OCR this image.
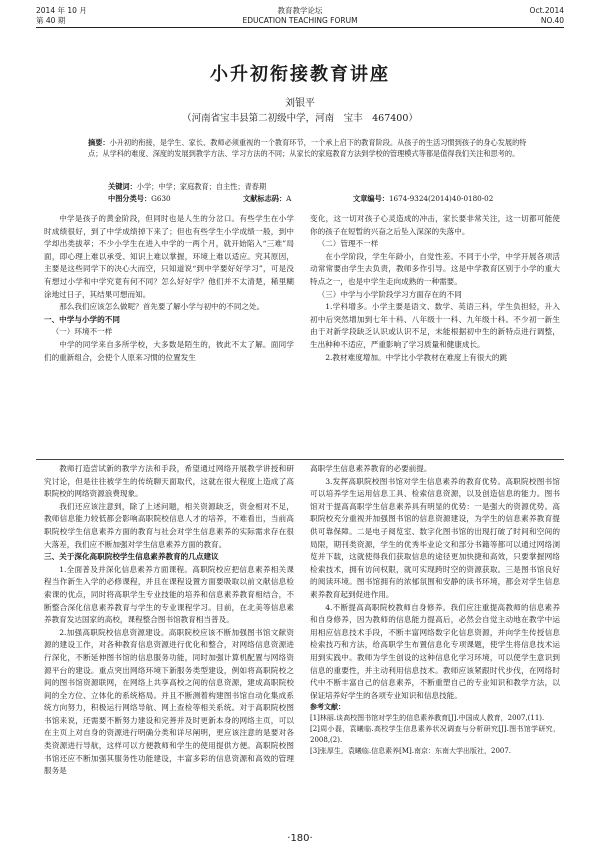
2014 年 10 月
第 40 期
教育教学论坛
EDUCATION TEACHING FORUM
Oct.2014
NO.40
小升初衔接教育讲座
刘银平
（河南省宝丰县第二初级中学，河南　宝丰　467400）
摘要：小升初的衔接，是学生、家长、教师必须重视的一个教育环节，一个承上启下的教育阶段。从孩子的生活习惯到孩子的身心发展的特点；从学科的难度、深度的发展到教学方法、学习方法的不同；从家长的家庭教育方法到学校的管理模式等都是值得我们关注和思考的。
关键词：小学；中学；家庭教育；自主性；青春期
中图分类号：G630	文献标志码：A	文章编号：1674-9324(2014)40-0180-02

中学是孩子的黄金阶段，但同时也是人生的分岔口。有些学生在小学时成绩很好，到了中学成绩掉下来了；但也有些学生小学成绩一般，到中学却出类拔萃；不少小学生在进入中学的一两个月，就开始陷入“三难”局面，即心理上难以承受、知识上难以掌握，环境上难以适应。究其原因，主要是这些同学下的决心大而空，只知道说“到中学要好好学习”，可是没有想过小学和中学究竟有何不同？怎么好好学？他们并不太清楚，稀里糊涂地过日子，其结果可想而知。

那么我们应该怎么做呢？首先要了解小学与初中的不同之处。

一、中学与小学的不同

（一）环境不一样

中学的同学来自多所学校，大多数是陌生的，彼此不太了解。面同学们的重新组合，会使个人原来习惯的位置发生

变化，这一切对孩子心灵造成的冲击，家长要非常关注，这一切都可能使你的孩子在短暂的兴奋之后坠入深深的失落中。

（二）管理不一样

在小学阶段，学生年龄小，自觉性差。不同于小学，中学开展各项活动常常要由学生去负责，教师多作引导。这是中学教育区别于小学的重大特点之一，也是中学生走向成熟的一种需要。

（三）中学与小学阶段学习方面存在的不同

1.学科增多。小学主要是语文、数学、英语三科，学生负担轻，升入初中后突然增加到七年十科、八年级十一科、九年级十科。不少初一新生由于对新学段缺乏认识或认识不足，未能根据初中生的新特点进行调整，生出种种不适应，严重影响了学习质量和健康成长。

2.教材难度增加。中学比小学教材在难度上有很大的跳

教师打造尝试新的教学方法和手段，希望通过网络开展教学讲授和研究讨论，但是往往被学生的传统聊天面取代，这就在很大程度上造成了高职院校的网络资源浪费现象。

我们还应该注意到，除了上述问题，相关资源缺乏，资金相对不足，教师信息能力较低都会影响高职院校信息人才的培养，不难看出，当前高职院校学生信息素养方面的教育与社会对学生信息素养的实际需求存在很大落差，我们应不断加强对学生信息素养方面的教育。

三、关于深化高职院校学生信息素养教育的几点建议

1.全面普及并深化信息素养方面课程。高职院校应把信息素养相关课程当作新生入学的必修课程，并且在课程设置方面要吸取以前文献信息检索课的优点，同时将高职学生专业技能的培养和信息素养教育相结合，不断整合深化信息素养教育与学生的专业课程学习。目前，在北美等信息素养教育发达国家的高校，课程整合图书馆教育相当普及。

2.加强高职院校信息资源建设。高职院校应该不断加强图书馆文献资源的建设工作，对各种教育信息资源进行优化和整合，对网络信息资源进行深化，不断延伸图书馆的信息服务功能，同时加强计算机配置与网络资源平台的建设。重点突出网络环境下新服务类型建设，例如将高职院校之间的图书馆资源联网，在网络上共享高校之间的信息资源，建成高职院校间的全方位、立体化的系统格局。并且不断测着构建图书馆自动化集成系统方向努力，积极运行网络导航、网上查检等相关系统。对于高职院校图书馆来说，还需要不断努力建设和完善并及时更新本身的网络主页，可以在主页上对自身的资源进行明确分类和详尽阐明，更应该注意的是要对各类资源进行导航，这样可以方便教师和学生的使用提供方便。高职院校图书馆还应不断加强其服务性功能建设，丰富多彩的信息资源和高效的管理服务是

高职学生信息素养教育的必要前提。

3.发挥高职院校图书馆对学生信息素养的教育优势。高职院校图书馆可以培养学生运用信息工具、检索信息资源，以及创造信息的能力。图书馆对于提高高职学生信息素养具有明显的优势：一是强大的资源优势。高职院校充分重视并加强图书馆的信息资源建设，为学生的信息素养教育提供可靠保障。二是电子阅览室、数字化图书馆的出现打破了时间和空间的局限，期刊类资源，学生的优秀毕业论文和部分书籍等都可以通过网络浏览并下载，这就使得我们获取信息的途径更加快捷和高效，只要掌握网络检索技术，拥有访问权限，就可实现跨时空的资源获取。三是图书馆良好的阅读环境。图书馆拥有的浓郁氛围和安静的读书环境，都会对学生信息素养教育起到促进作用。

4.不断提高高职院校教师自身修养。我们应注重提高教师的信息素养和自身修养，因为教师的信息能力提高后，必然会自觉主动地在教学中运用相应信息技术手段，不断丰富网络数字化信息资源，并向学生传授信息检索技巧和方法，给高职学生布置信息化专项课题，使学生将信息技术运用到实践中。教师为学生创设的这种信息化学习环境，可以使学生意识到信息的重要性，并主动利用信息技术。教师应该紧跟时代步伐，在网络时代中不断丰富自己的信息素养，不断重塑自己的专业知识和教学方法，以保证培养好学生的各项专业知识和信息技能。

参考文献：

[1]林丽.谈高校图书馆对学生的信息素养教育[J].中国成人教育，2007,(11).

[2]周小磊，袁曦临.高校学生信息素养状况调查与分析研究[J].图书馆学研究，2008,(2).

[3]张厚生，袁曦临.信息素养[M].南京：东南大学出版社，2007.

·180·
